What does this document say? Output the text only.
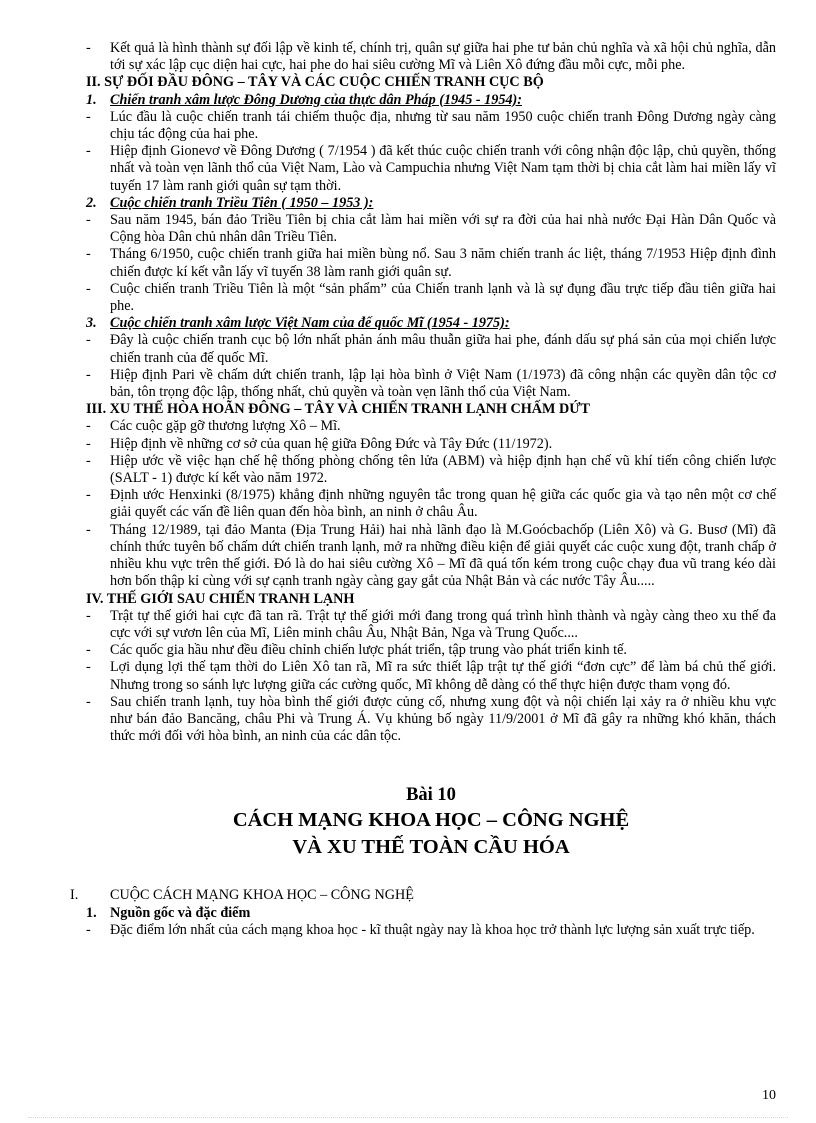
- Kết quả là hình thành sự đối lập về kinh tế, chính trị, quân sự giữa hai phe tư bản chủ nghĩa và xã hội chủ nghĩa, dẫn tới sự xác lập cục diện hai cực, hai phe do hai siêu cường Mĩ và Liên Xô đứng đầu mỗi cực, mỗi phe.
II. SỰ ĐỐI ĐẦU ĐÔNG – TÂY VÀ CÁC CUỘC CHIẾN TRANH CỤC BỘ
1. Chiến tranh xâm lược Đông Dương của thực dân Pháp (1945 - 1954):
- Lúc đầu là cuộc chiến tranh tái chiếm thuộc địa, nhưng từ sau năm 1950 cuộc chiến tranh Đông Dương ngày càng chịu tác động của hai phe.
- Hiệp định Gionevơ về Đông Dương ( 7/1954 ) đã kết thúc cuộc chiến tranh với công nhận độc lập, chủ quyền, thống nhất và toàn vẹn lãnh thổ của Việt Nam, Lào và Campuchia nhưng Việt Nam tạm thời bị chia cắt làm hai miền lấy vĩ tuyến 17 làm ranh giới quân sự tạm thời.
2. Cuộc chiến tranh Triều Tiên ( 1950 – 1953 ):
- Sau năm 1945, bán đảo Triều Tiên bị chia cắt làm hai miền với sự ra đời của hai nhà nước Đại Hàn Dân Quốc và Cộng hòa Dân chủ nhân dân Triều Tiên.
- Tháng 6/1950, cuộc chiến tranh giữa hai miền bùng nổ. Sau 3 năm chiến tranh ác liệt, tháng 7/1953 Hiệp định đình chiến được kí kết vẫn lấy vĩ tuyến 38 làm ranh giới quân sự.
- Cuộc chiến tranh Triều Tiên là một “sản phẩm” của Chiến tranh lạnh và là sự đụng đầu trực tiếp đầu tiên giữa hai phe.
3. Cuộc chiến tranh xâm lược Việt Nam của đế quốc Mĩ (1954 - 1975):
- Đây là cuộc chiến tranh cục bộ lớn nhất phản ánh mâu thuẫn giữa hai phe, đánh dấu sự phá sản của mọi chiến lược chiến tranh của đế quốc Mĩ.
- Hiệp định Pari về chấm dứt chiến tranh, lập lại hòa bình ở Việt Nam (1/1973) đã công nhận các quyền dân tộc cơ bản, tôn trọng độc lập, thống nhất, chủ quyền và toàn vẹn lãnh thổ của Việt Nam.
III. XU THẾ HÒA HOÃN ĐÔNG – TÂY VÀ CHIẾN TRANH LẠNH CHẤM DỨT
- Các cuộc gặp gỡ thương lượng Xô – Mĩ.
- Hiệp định về những cơ sở của quan hệ giữa Đông Đức và Tây Đức (11/1972).
- Hiệp ước về việc hạn chế hệ thống phòng chống tên lửa (ABM) và hiệp định hạn chế vũ khí tiến công chiến lược (SALT - 1) được kí kết vào năm 1972.
- Định ước Henxinki (8/1975) khẳng định những nguyên tắc trong quan hệ giữa các quốc gia và tạo nên một cơ chế giải quyết các vấn đề liên quan đến hòa bình, an ninh ở châu Âu.
- Tháng 12/1989, tại đảo Manta (Địa Trung Hải) hai nhà lãnh đạo là M.Goócbachốp (Liên Xô) và G. Busơ (Mĩ) đã chính thức tuyên bố chấm dứt chiến tranh lạnh, mở ra những điều kiện để giải quyết các cuộc xung đột, tranh chấp ở nhiều khu vực trên thế giới. Đó là do hai siêu cường Xô – Mĩ đã quá tốn kém trong cuộc chạy đua vũ trang kéo dài hơn bốn thập kỉ cùng với sự cạnh tranh ngày càng gay gắt của Nhật Bản và các nước Tây Âu.....
IV. THẾ GIỚI SAU CHIẾN TRANH LẠNH
- Trật tự thế giới hai cực đã tan rã. Trật tự thế giới mới đang trong quá trình hình thành và ngày càng theo xu thế đa cực với sự vươn lên của Mĩ, Liên minh châu Âu, Nhật Bản, Nga và Trung Quốc....
- Các quốc gia hầu như đều điều chỉnh chiến lược phát triển, tập trung vào phát triển kinh tế.
- Lợi dụng lợi thế tạm thời do Liên Xô tan rã, Mĩ ra sức thiết lập trật tự thế giới “đơn cực” để làm bá chủ thế giới. Nhưng trong so sánh lực lượng giữa các cường quốc, Mĩ không dễ dàng có thể thực hiện được tham vọng đó.
- Sau chiến tranh lạnh, tuy hòa bình thế giới được củng cố, nhưng xung đột và nội chiến lại xảy ra ở nhiều khu vực như bán đảo Bancăng, châu Phi và Trung Á. Vụ khủng bố ngày 11/9/2001 ở Mĩ đã gây ra những khó khăn, thách thức mới đối với hòa bình, an ninh của các dân tộc.
Bài 10
CÁCH MẠNG KHOA HỌC – CÔNG NGHỆ
VÀ XU THẾ TOÀN CẦU HÓA
I. CUỘC CÁCH MẠNG KHOA HỌC – CÔNG NGHỆ
1. Nguồn gốc và đặc điểm
- Đặc điểm lớn nhất của cách mạng khoa học - kĩ thuật ngày nay là khoa học trở thành lực lượng sản xuất trực tiếp.
10
